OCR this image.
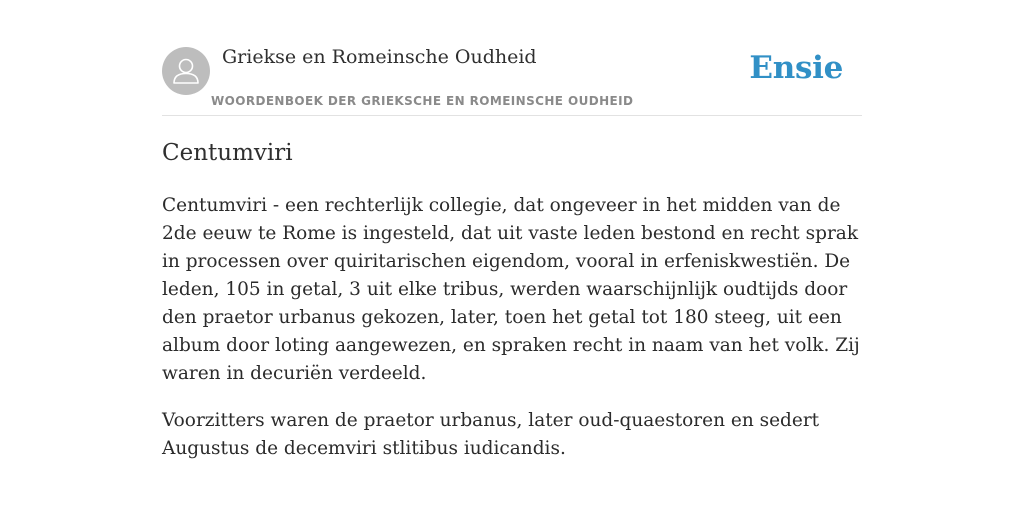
Griekse en Romeinsche Oudheid
WOORDENBOEK DER GRIEKSCHE EN ROMEINSCHE OUDHEID
Ensie
Centumviri

Centumviri - een rechterlijk collegie, dat ongeveer in het midden van de 2de eeuw te Rome is ingesteld, dat uit vaste leden bestond en recht sprak in processen over quiritarischen eigendom, vooral in erfeniskwestiën. De leden, 105 in getal, 3 uit elke tribus, werden waarschijnlijk oudtijds door den praetor urbanus gekozen, later, toen het getal tot 180 steeg, uit een album door loting aangewezen, en spraken recht in naam van het volk. Zij waren in decuriën verdeeld.

Voorzitters waren de praetor urbanus, later oud-quaestoren en sedert Augustus de decemviri stlitibus iudicandis.
